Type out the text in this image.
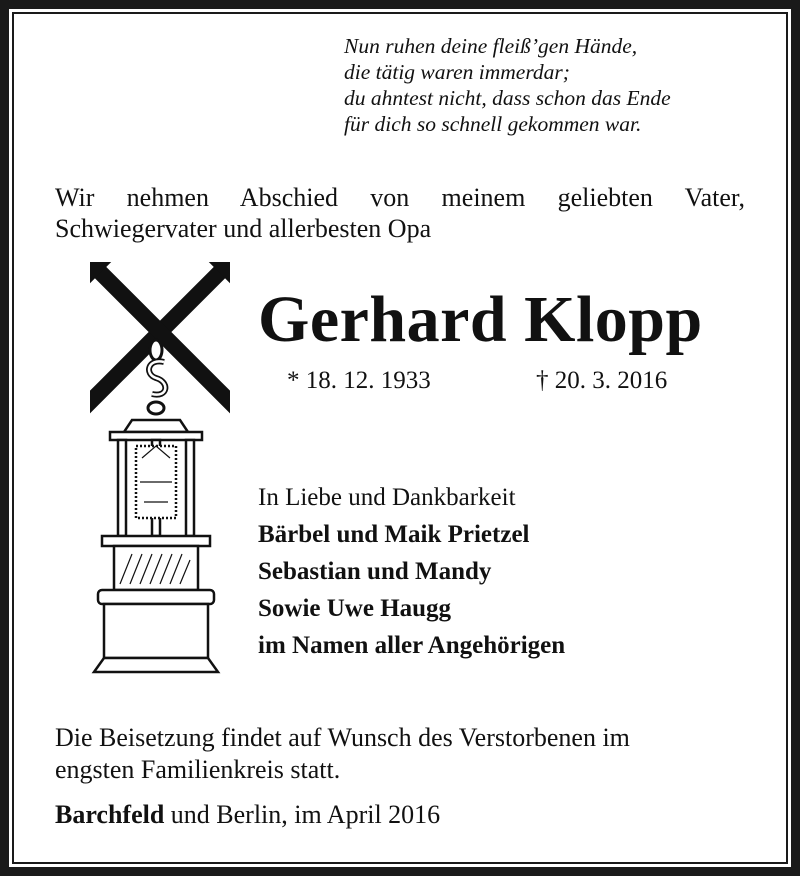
Nun ruhen deine fleiß’gen Hände,
die tätig waren immerdar;
du ahntest nicht, dass schon das Ende
für dich so schnell gekommen war.
Wir nehmen Abschied von meinem geliebten Vater,
Schwiegervater und allerbesten Opa
Gerhard Klopp
* 18. 12. 1933	† 20. 3. 2016
In Liebe und Dankbarkeit
Bärbel und Maik Prietzel
Sebastian und Mandy
Sowie Uwe Haugg
im Namen aller Angehörigen
Die Beisetzung findet auf Wunsch des Verstorbenen im
engsten Familienkreis statt.
Barchfeld und Berlin, im April 2016
